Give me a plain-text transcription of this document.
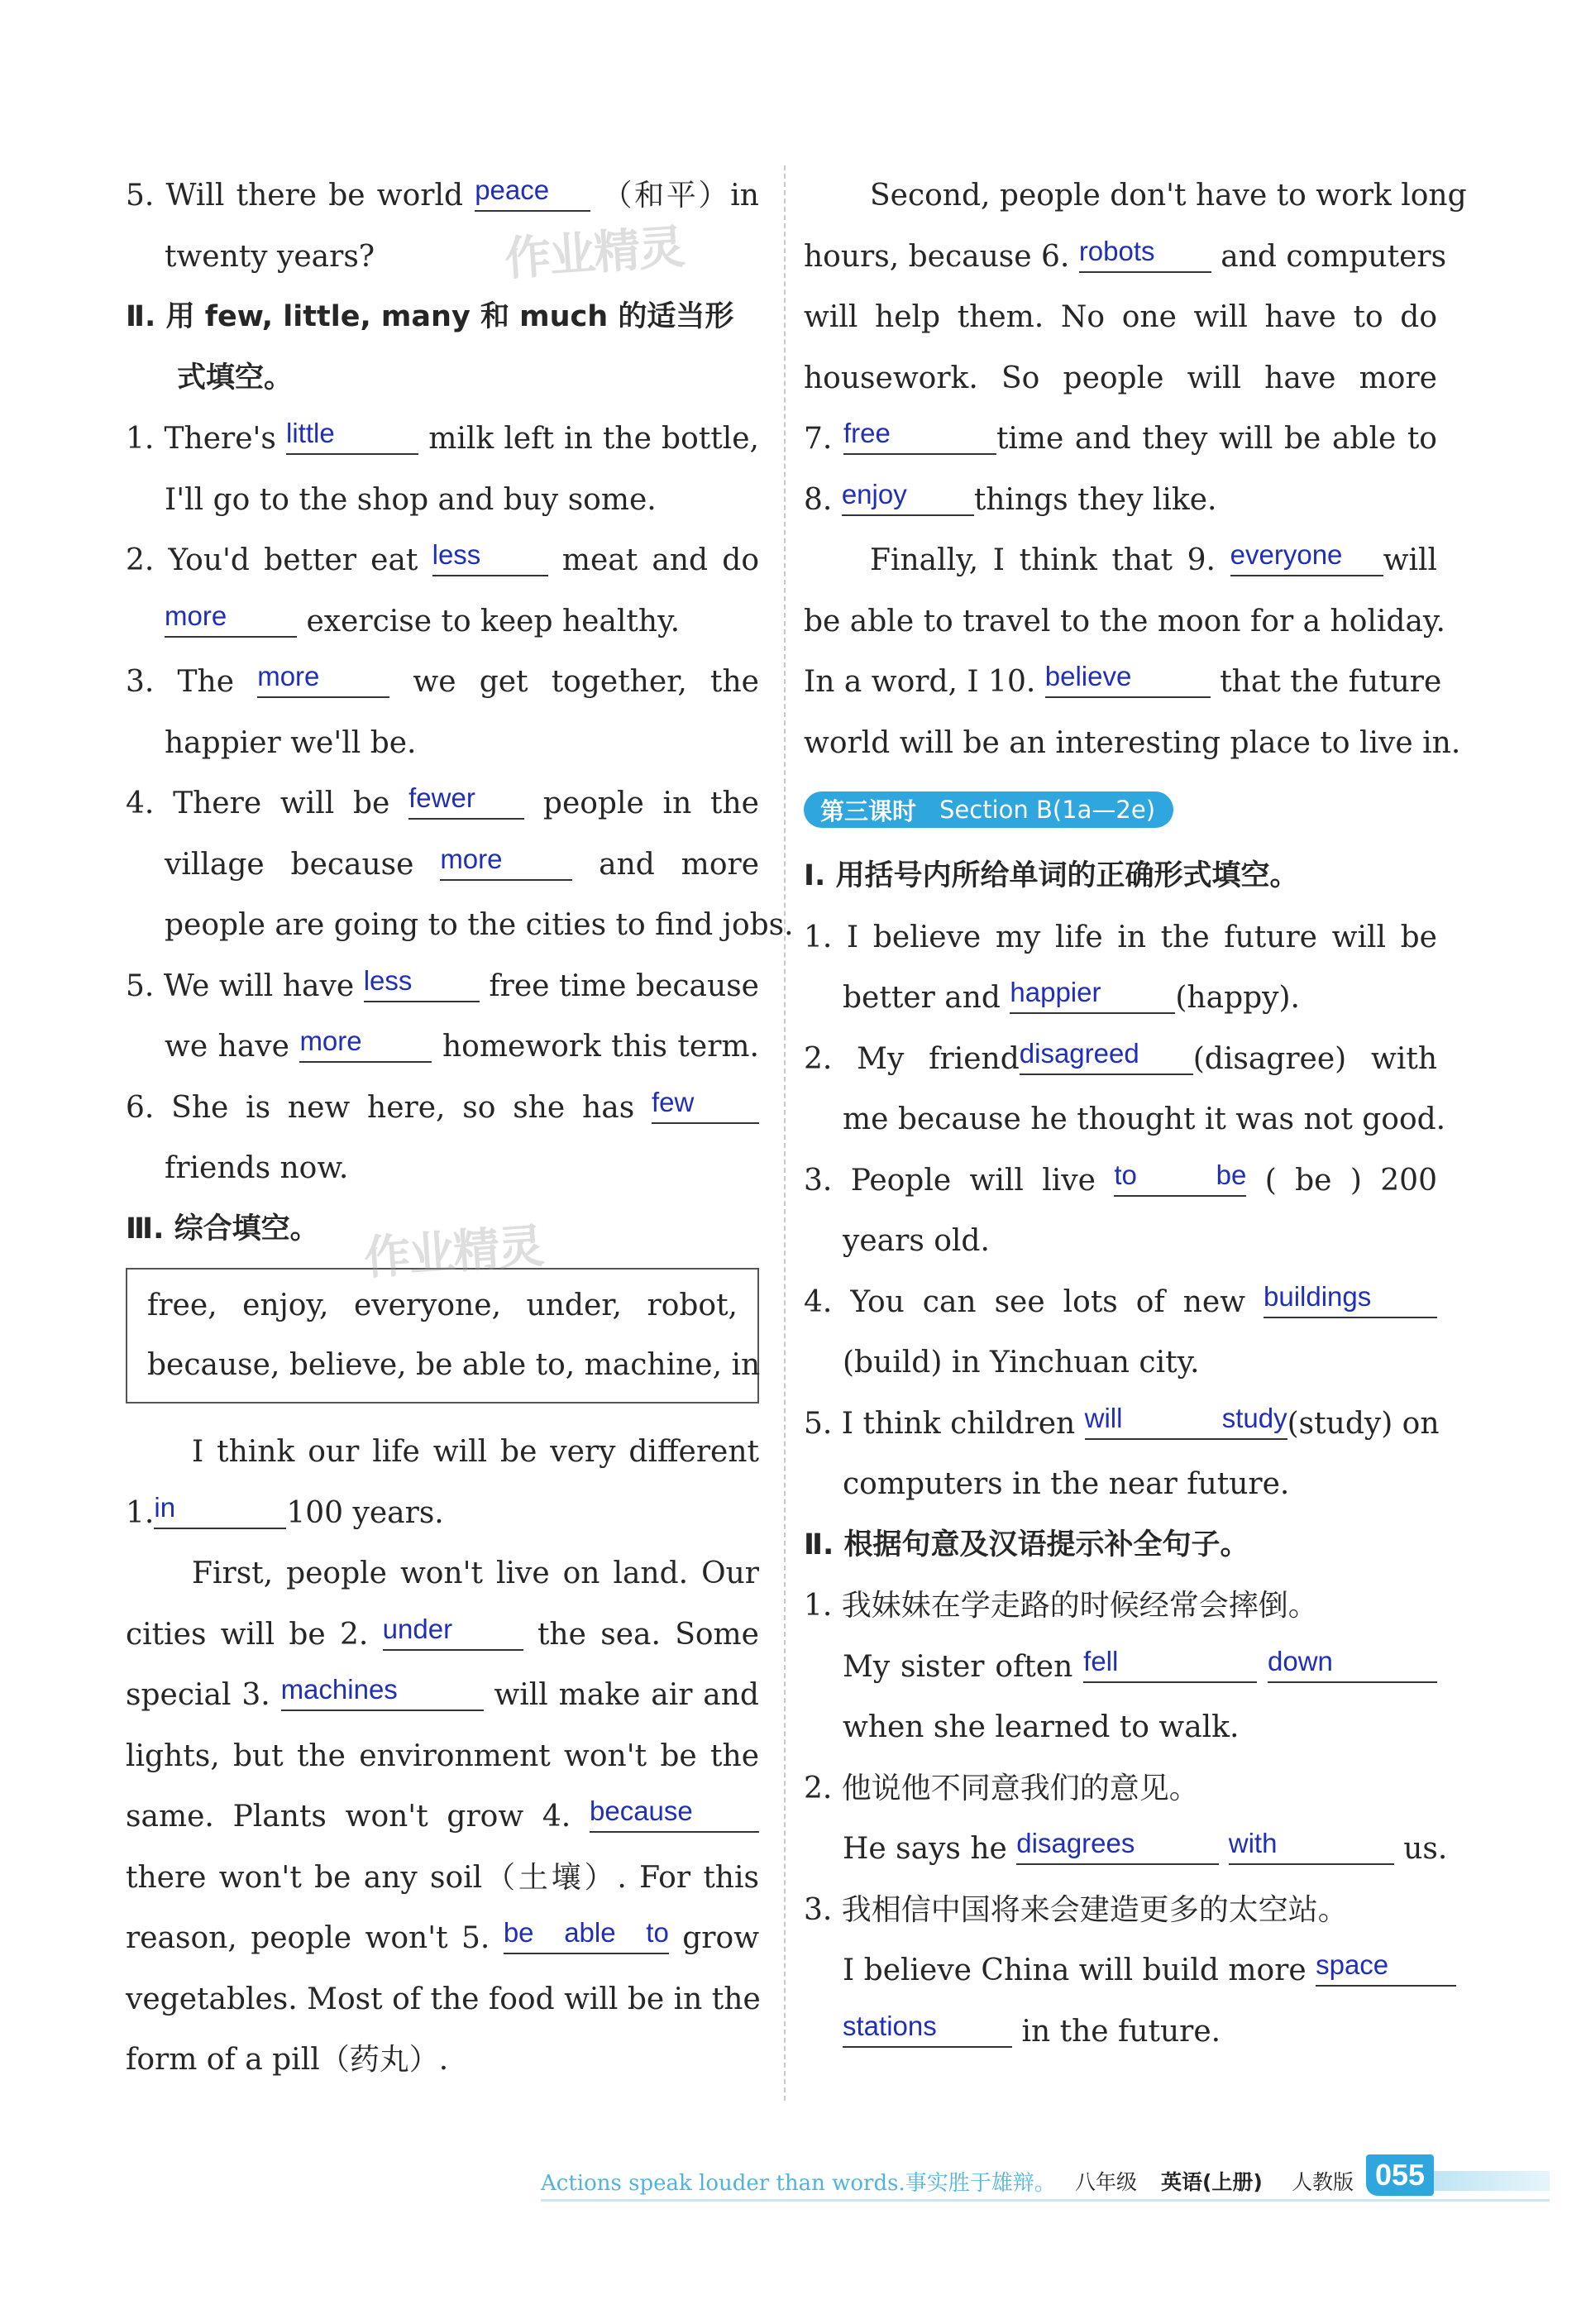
5. Will there be world peace	（和平）in
twenty years?
Ⅱ. 用 few, little, many 和 much 的适当形
式填空。
1. There's little	milk left in the bottle,
I'll go to the shop and buy some.
2. You'd better eat less	meat and do
more	exercise to keep healthy.
3. The more	we get together, the
happier we'll be.
4. There will be fewer	people in the
village because more	and more
people are going to the cities to find jobs.
5. We will have less	free time because
we have more	homework this term.
6. She is new here, so she has few
friends now.
Ⅲ. 综合填空。
free, enjoy, everyone, under, robot,
because, believe, be able to, machine, in
I think our life will be very different
1. in	100 years.
First, people won't live on land. Our
cities will be 2. under	the sea. Some
special 3. machines	will make air and
lights, but the environment won't be the
same. Plants won't grow 4. because
there won't be any soil（土壤）. For this
reason, people won't 5. be able to grow
vegetables. Most of the food will be in the
form of a pill（药丸）.
作业精灵
作业精灵
Second, people don't have to work long
hours, because 6. robots	and computers
will help them. No one will have to do
housework. So people will have more
7. free	time and they will be able to
8. enjoy	things they like.
Finally, I think that 9. everyone	will
be able to travel to the moon for a holiday.
In a word, I 10. believe	that the future
world will be an interesting place to live in.
第三课时 Section B(1a—2e)
Ⅰ. 用括号内所给单词的正确形式填空。
1. I believe my life in the future will be
better and happier	(happy).
2. My friend disagreed	(disagree) with
me because he thought it was not good.
3. People will live to be ( be ) 200
years old.
4. You can see lots of new buildings
(build) in Yinchuan city.
5. I think children will study (study) on
computers in the near future.
Ⅱ. 根据句意及汉语提示补全句子。
1. 我妹妹在学走路的时候经常会摔倒。
My sister often fell
	down
when she learned to walk.
2. 他说他不同意我们的意见。
He says he disagrees
	with	us.
3. 我相信中国将来会建造更多的太空站。
I believe China will build more space
stations	in the future.
Actions speak louder than words.事实胜于雄辩。 八年级 英语(上册) 人教版 055
